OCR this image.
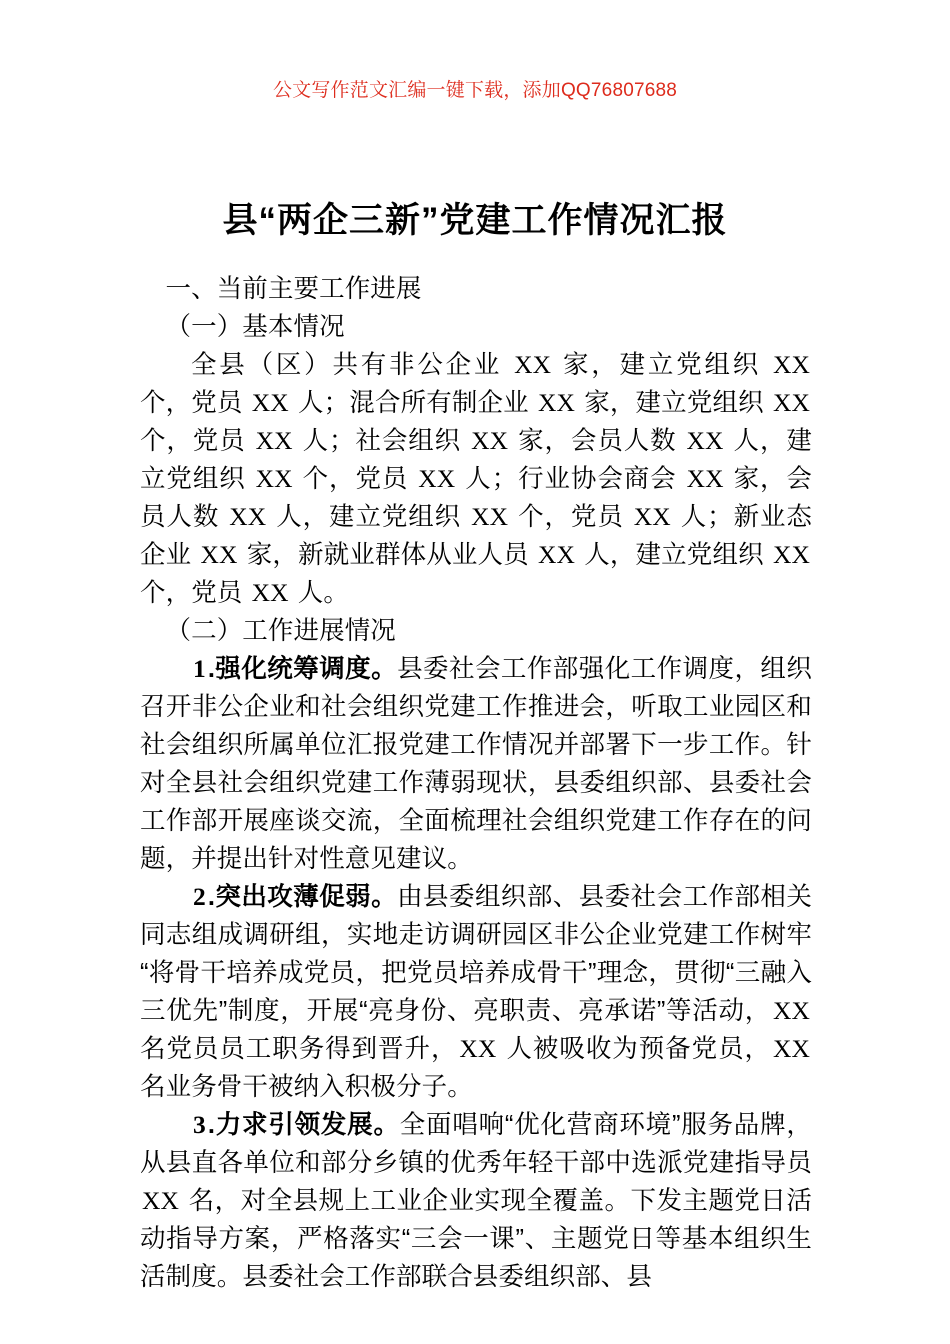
公文写作范文汇编一键下载，添加QQ76807688
县“两企三新”党建工作情况汇报

一、当前主要工作进展

（一）基本情况

全县（区）共有非公企业 XX 家，建立党组织 XX 个，党员 XX 人；混合所有制企业 XX 家，建立党组织 XX 个，党员 XX 人；社会组织 XX 家，会员人数 XX 人，建立党组织 XX 个，党员 XX 人；行业协会商会 XX 家，会员人数 XX 人，建立党组织 XX 个，党员 XX 人；新业态企业 XX 家，新就业群体从业人员 XX 人，建立党组织 XX 个，党员 XX 人。

（二）工作进展情况

1.强化统筹调度。县委社会工作部强化工作调度，组织召开非公企业和社会组织党建工作推进会，听取工业园区和社会组织所属单位汇报党建工作情况并部署下一步工作。针对全县社会组织党建工作薄弱现状，县委组织部、县委社会工作部开展座谈交流，全面梳理社会组织党建工作存在的问题，并提出针对性意见建议。

2.突出攻薄促弱。由县委组织部、县委社会工作部相关同志组成调研组，实地走访调研园区非公企业党建工作树牢“将骨干培养成党员，把党员培养成骨干”理念，贯彻“三融入三优先”制度，开展“亮身份、亮职责、亮承诺”等活动，XX 名党员员工职务得到晋升，XX 人被吸收为预备党员，XX 名业务骨干被纳入积极分子。

3.力求引领发展。全面唱响“优化营商环境”服务品牌，从县直各单位和部分乡镇的优秀年轻干部中选派党建指导员 XX 名，对全县规上工业企业实现全覆盖。下发主题党日活动指导方案，严格落实“三会一课”、主题党日等基本组织生活制度。县委社会工作部联合县委组织部、县
